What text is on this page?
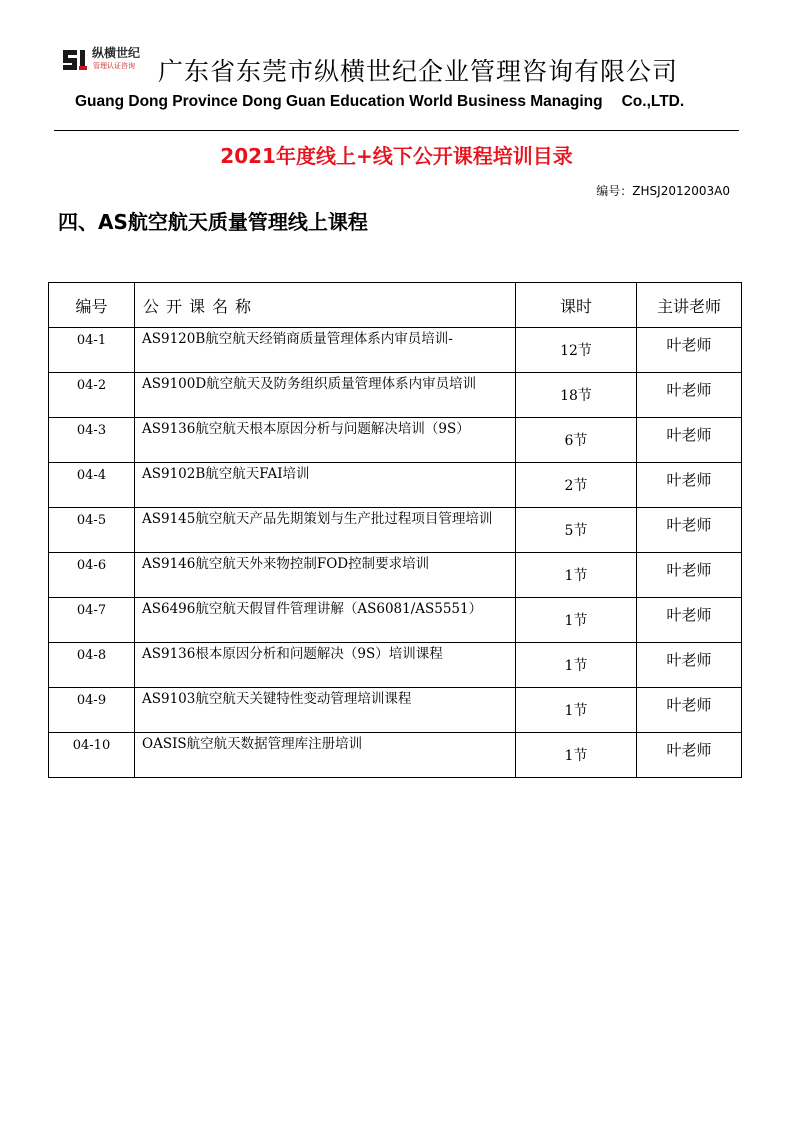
纵横世纪
管理认证咨询 广东省东莞市纵横世纪企业管理咨询有限公司
Guang Dong Province Dong Guan Education World Business Managing Co.,LTD.
2021年度线上+线下公开课程培训目录
编号：ZHSJ2012003A0
四、AS航空航天质量管理线上课程
编号	公开课名称	课时	主讲老师
04-1	AS9120B航空航天经销商质量管理体系内审员培训-	12节	叶老师
04-2	AS9100D航空航天及防务组织质量管理体系内审员培训	18节	叶老师
04-3	AS9136航空航天根本原因分析与问题解决培训（9S）	6节	叶老师
04-4	AS9102B航空航天FAI培训	2节	叶老师
04-5	AS9145航空航天产品先期策划与生产批过程项目管理培训	5节	叶老师
04-6	AS9146航空航天外来物控制FOD控制要求培训	1节	叶老师
04-7	AS6496航空航天假冒件管理讲解（AS6081/AS5551）	1节	叶老师
04-8	AS9136根本原因分析和问题解决（9S）培训课程	1节	叶老师
04-9	AS9103航空航天关键特性变动管理培训课程	1节	叶老师
04-10	OASIS航空航天数据管理库注册培训	1节	叶老师
